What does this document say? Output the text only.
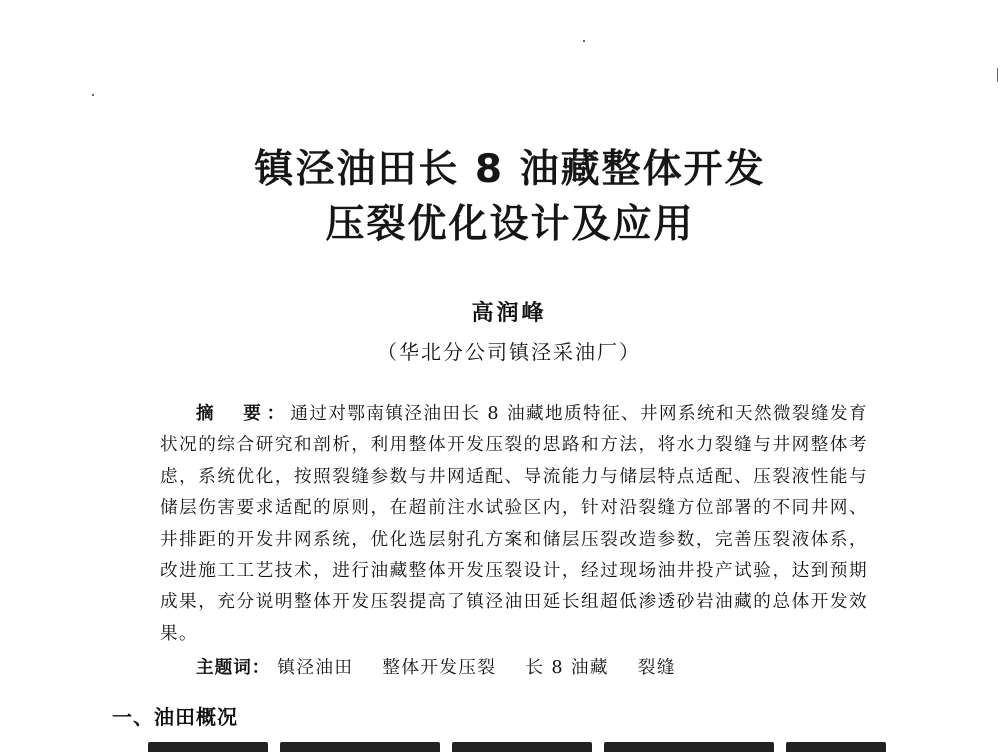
镇泾油田长 8 油藏整体开发
压裂优化设计及应用
高润峰
（华北分公司镇泾采油厂）
摘　要：通过对鄂南镇泾油田长 8 油藏地质特征、井网系统和天然微裂缝发育状况的综合研究和剖析，利用整体开发压裂的思路和方法，将水力裂缝与井网整体考虑，系统优化，按照裂缝参数与井网适配、导流能力与储层特点适配、压裂液性能与储层伤害要求适配的原则，在超前注水试验区内，针对沿裂缝方位部署的不同井网、井排距的开发井网系统，优化选层射孔方案和储层压裂改造参数，完善压裂液体系，改进施工工艺技术，进行油藏整体开发压裂设计，经过现场油井投产试验，达到预期成果，充分说明整体开发压裂提高了镇泾油田延长组超低渗透砂岩油藏的总体开发效果。
主题词： 镇泾油田 整体开发压裂 长 8 油藏 裂缝
一、油田概况
